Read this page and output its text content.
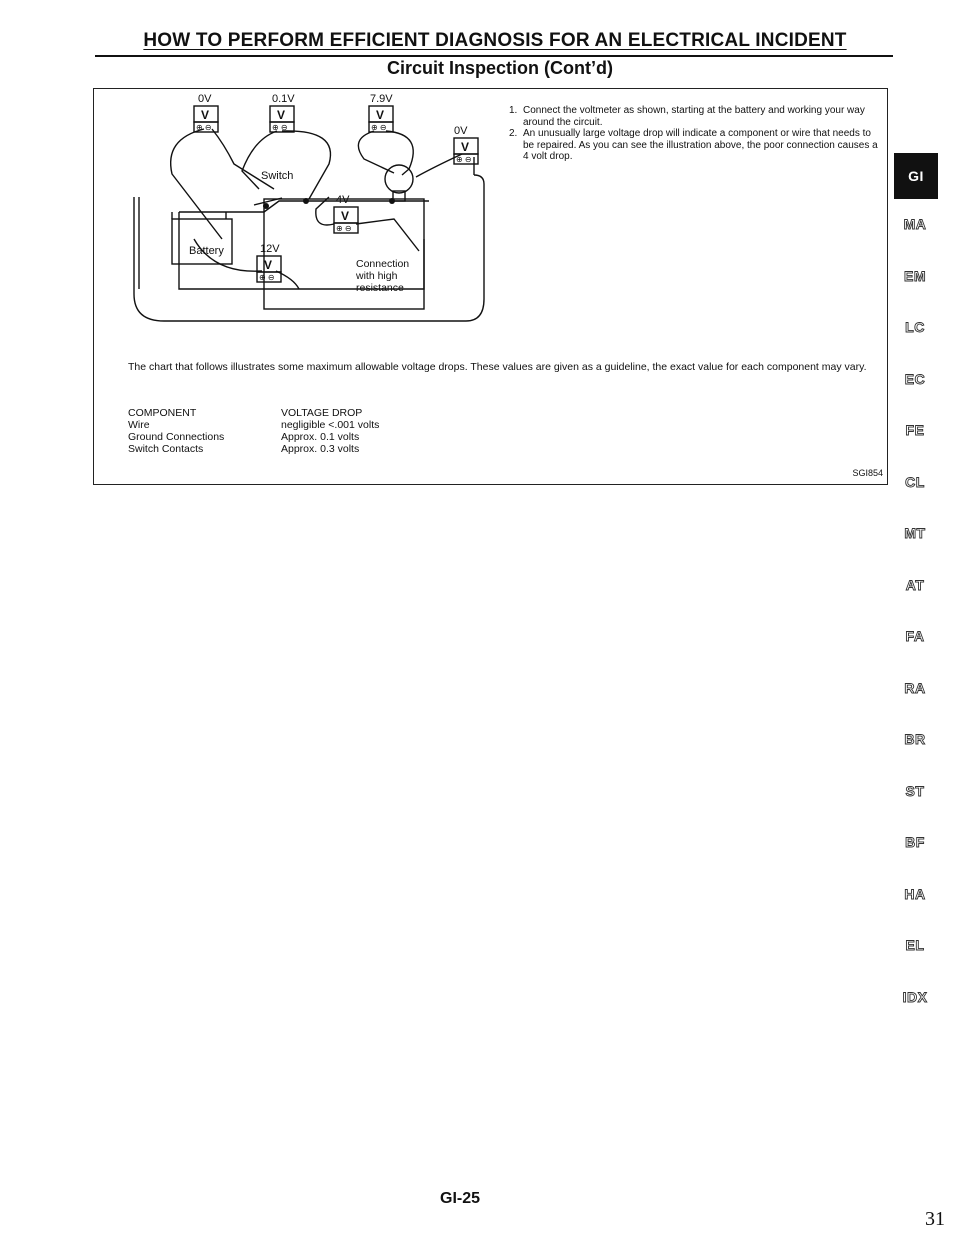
HOW TO PERFORM EFFICIENT DIAGNOSIS FOR AN ELECTRICAL INCIDENT
Circuit Inspection (Cont’d)
0V	0.1V	7.9V
0V
4V
12V
V	V	V
V
V
V
⊕ ⊖	⊕ ⊖	⊕ ⊖
⊕ ⊖
⊕ ⊖
⊕ ⊖
Switch
Battery
Connection
with high
resistance
1. Connect the voltmeter as shown, starting at the battery and working your way around the circuit.
2. An unusually large voltage drop will indicate a component or wire that needs to be repaired. As you can see the illustration above, the poor connection causes a 4 volt drop.
The chart that follows illustrates some maximum allowable voltage drops. These values are given as a guideline, the exact value for each component may vary.
COMPONENT	VOLTAGE DROP
Wire	negligible <.001 volts
Ground Connections	Approx. 0.1 volts
Switch Contacts	Approx. 0.3 volts
SGI854
GI
MA
EM
LC
EC
FE
CL
MT
AT
FA
RA
BR
ST
BF
HA
EL
IDX
GI-25
31
